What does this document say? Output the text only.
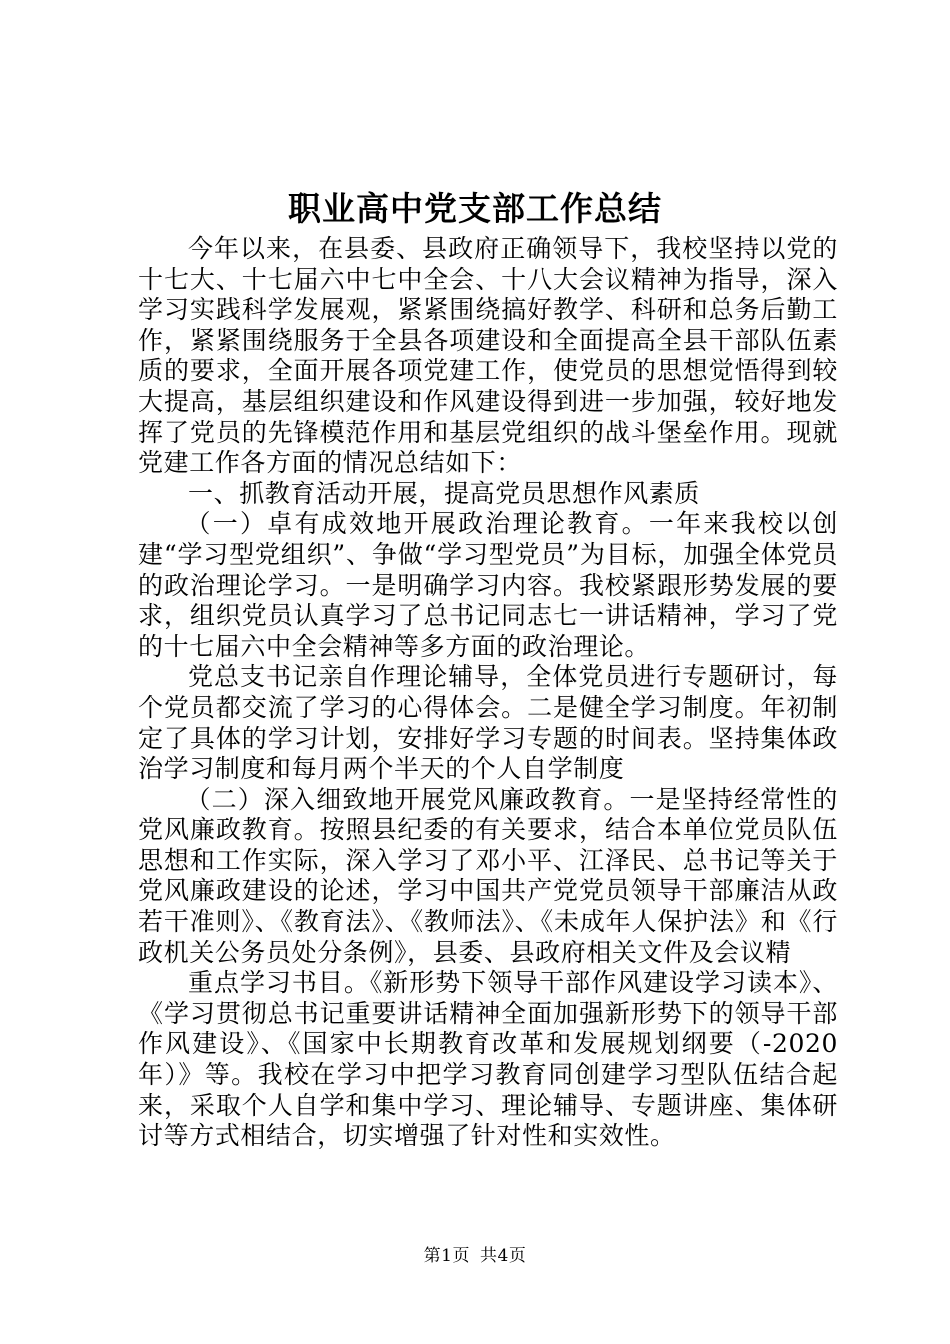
职业高中党支部工作总结

今年以来，在县委、县政府正确领导下，我校坚持以党的十七大、十七届六中七中全会、十八大会议精神为指导，深入学习实践科学发展观，紧紧围绕搞好教学、科研和总务后勤工作，紧紧围绕服务于全县各项建设和全面提高全县干部队伍素质的要求，全面开展各项党建工作，使党员的思想觉悟得到较大提高，基层组织建设和作风建设得到进一步加强，较好地发挥了党员的先锋模范作用和基层党组织的战斗堡垒作用。现就党建工作各方面的情况总结如下：

一、抓教育活动开展，提高党员思想作风素质

（一）卓有成效地开展政治理论教育。一年来我校以创建“学习型党组织”、争做“学习型党员”为目标，加强全体党员的政治理论学习。一是明确学习内容。我校紧跟形势发展的要求，组织党员认真学习了总书记同志七一讲话精神，学习了党的十七届六中全会精神等多方面的政治理论。

党总支书记亲自作理论辅导，全体党员进行专题研讨，每个党员都交流了学习的心得体会。二是健全学习制度。年初制定了具体的学习计划，安排好学习专题的时间表。坚持集体政治学习制度和每月两个半天的个人自学制度

（二）深入细致地开展党风廉政教育。一是坚持经常性的党风廉政教育。按照县纪委的有关要求，结合本单位党员队伍思想和工作实际，深入学习了邓小平、江泽民、总书记等关于党风廉政建设的论述，学习中国共产党党员领导干部廉洁从政若干准则》、《教育法》、《教师法》、《未成年人保护法》和《行政机关公务员处分条例》，县委、县政府相关文件及会议精

重点学习书目。《新形势下领导干部作风建设学习读本》、《学习贯彻总书记重要讲话精神全面加强新形势下的领导干部作风建设》、《国家中长期教育改革和发展规划纲要（-2020年）》等。我校在学习中把学习教育同创建学习型队伍结合起来，采取个人自学和集中学习、理论辅导、专题讲座、集体研讨等方式相结合，切实增强了针对性和实效性。

第1页 共4页
